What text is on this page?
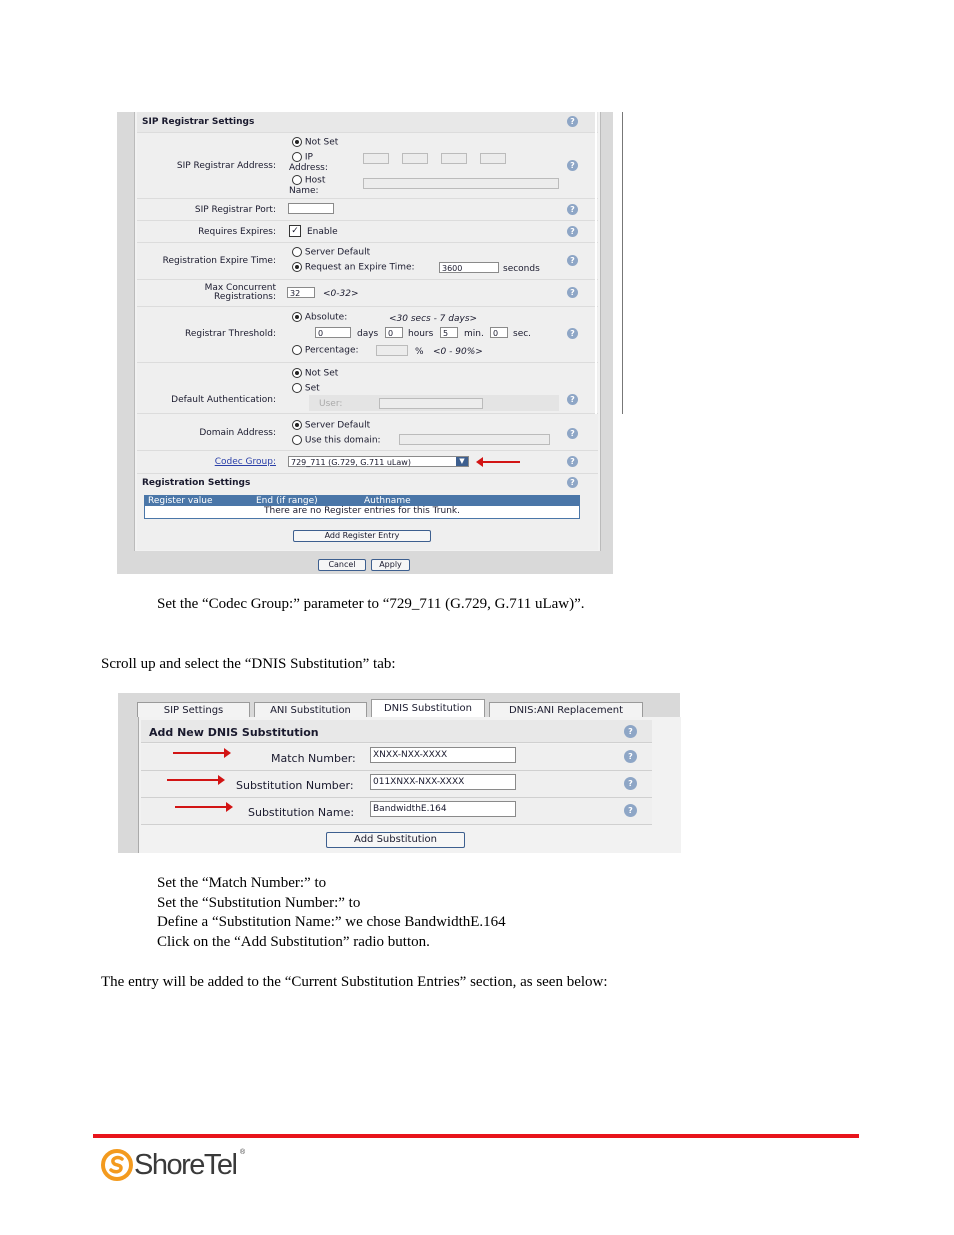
SIP Registrar Settings	?
SIP Registrar Address:
Not Set
IP
Address:
Host
Name:
?
SIP Registrar Port:	?
Requires Expires: ✓ Enable	?
Registration Expire Time:
Server Default
Request an Expire Time:	3600	seconds
?
Max Concurrent
Registrations:	32	<0-32>	?
Registrar Threshold:
Absolute:	<30 secs - 7 days>
0	days	0	hours	5	min.	0	sec.
Percentage:	% <0 - 90%>
?
Default Authentication:
Not Set
Set
User:	?
Domain Address:
Server Default
Use this domain:
?
Codec Group:	729_711 (G.729, G.711 uLaw)	▼	?
Registration Settings	?
Register value	End (if range)	Authname
There are no Register entries for this Trunk.
Add Register Entry
Cancel	Apply
Set the “Codec Group:” parameter to “729_711 (G.729, G.711 uLaw)”.
Scroll up and select the “DNIS Substitution” tab:
SIP Settings	ANI Substitution	DNIS Substitution	DNIS:ANI Replacement
Add New DNIS Substitution	?
Match Number:	XNXX-NXX-XXXX	?
Substitution Number:	011XNXX-NXX-XXXX	?
Substitution Name:	BandwidthE.164	?
Add Substitution
Set the “Match Number:” to
Set the “Substitution Number:” to
Define a “Substitution Name:” we chose BandwidthE.164
Click on the “Add Substitution” radio button.
The entry will be added to the “Current Substitution Entries” section, as seen below:
ShoreTel ®
